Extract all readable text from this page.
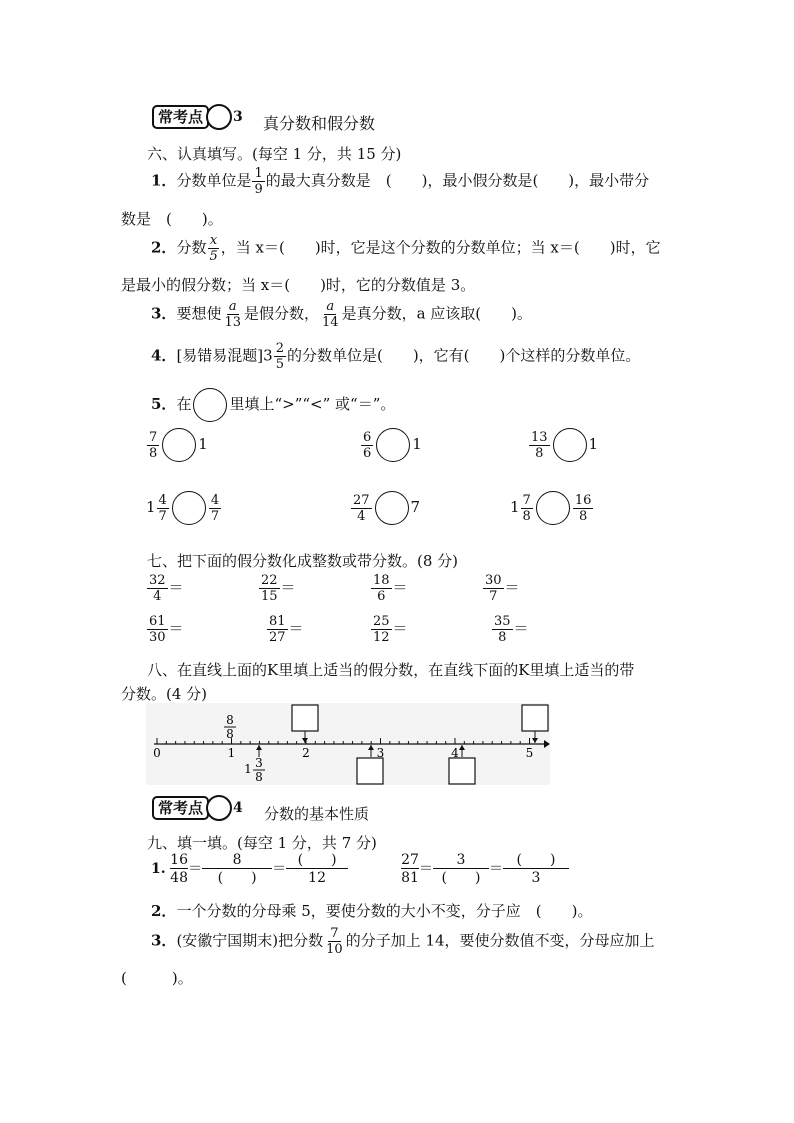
常考点	3 真分数和假分数
六、认真填写。(每空 1 分，共 15 分)
1．分数单位是 $\frac{1}{9}$ 的最大真分数是　(　　)，最小假分数是(　　)，最小带分
数是　(　　)。
2．分数 $\frac{x}{5}$ ，当 x＝(　　)时，它是这个分数的分数单位；当 x＝(　　)时，它
是最小的假分数；当 x＝(　　)时，它的分数值是 3。
3．要想使 $\frac{a}{13}$ 是假分数， $\frac{a}{14}$ 是真分数，a 应该取(　　)。
4．[易错易混题]$3 \frac{2}{5}$ 的分数单位是(　　)，它有(　　)个这样的分数单位。
5．在	里填上“>”“<” 或“＝”。
$\frac{7}{8}$	1	$\frac{6}{6}$	1	$\frac{13}{8}$	1
$1 \frac{4}{7}$	$\frac{4}{7}$	$\frac{27}{4}$	7	$1 \frac{7}{8}$	$\frac{16}{8}$
七、把下面的假分数化成整数或带分数。(8 分)
$\frac{32}{4}$ ＝	$\frac{22}{15}$ ＝	$\frac{18}{6}$ ＝	$\frac{30}{7}$ ＝
$\frac{61}{30}$ ＝	$\frac{81}{27}$ ＝	$\frac{25}{12}$ ＝	$\frac{35}{8}$ ＝
八、在直线上面的K里填上适当的假分数，在直线下面的K里填上适当的带
分数。(4 分)
0	1	2	3	4	5
8
8
1 3
8
常考点	4 分数的基本性质
九、填一填。(每空 1 分，共 7 分)
1. $\frac{16}{48}$ ＝
8
(　　)
＝
(　　)
12
	$\frac{27}{81}$ ＝
3
(　　)
＝
(　　)
3
2．一个分数的分母乘 5，要使分数的大小不变，分子应　(　　)。
3．(安徽宁国期末)把分数 $\frac{7}{10}$ 的分子加上 14，要使分数值不变，分母应加上
(　　　)。
